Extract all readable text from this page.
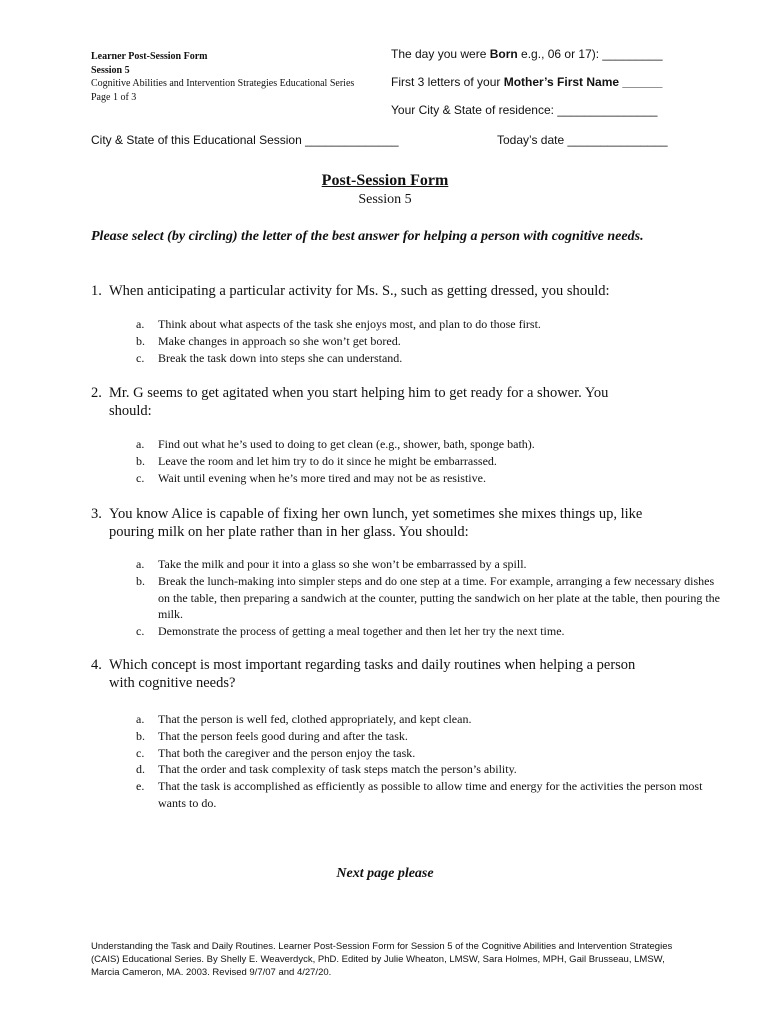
Learner Post-Session Form
Session 5
Cognitive Abilities and Intervention Strategies Educational Series
Page 1 of 3
The day you were Born e.g., 06 or 17): _________
First 3 letters of your Mother’s First Name ______
Your City & State of residence: _______________
City & State of this Educational Session ______________	Today’s date _______________
Post-Session Form
Session 5
Please select (by circling) the letter of the best answer for helping a person with cognitive needs.
1. When anticipating a particular activity for Ms. S., such as getting dressed, you should:
a.	Think about what aspects of the task she enjoys most, and plan to do those first.
b.	Make changes in approach so she won’t get bored.
c.	Break the task down into steps she can understand.
2. Mr. G seems to get agitated when you start helping him to get ready for a shower. You
should:
a.	Find out what he’s used to doing to get clean (e.g., shower, bath, sponge bath).
b.	Leave the room and let him try to do it since he might be embarrassed.
c.	Wait until evening when he’s more tired and may not be as resistive.
3. You know Alice is capable of fixing her own lunch, yet sometimes she mixes things up, like
pouring milk on her plate rather than in her glass. You should:
a.	Take the milk and pour it into a glass so she won’t be embarrassed by a spill.
b.	Break the lunch-making into simpler steps and do one step at a time. For example, arranging a few necessary dishes on the table, then preparing a sandwich at the counter, putting the sandwich on her plate at the table, then pouring the milk.
c.	Demonstrate the process of getting a meal together and then let her try the next time.
4. Which concept is most important regarding tasks and daily routines when helping a person
with cognitive needs?
a.	That the person is well fed, clothed appropriately, and kept clean.
b.	That the person feels good during and after the task.
c.	That both the caregiver and the person enjoy the task.
d.	That the order and task complexity of task steps match the person’s ability.
e.	That the task is accomplished as efficiently as possible to allow time and energy for the activities the person most wants to do.
Next page please
Understanding the Task and Daily Routines. Learner Post-Session Form for Session 5 of the Cognitive Abilities and Intervention Strategies (CAIS) Educational Series. By Shelly E. Weaverdyck, PhD. Edited by Julie Wheaton, LMSW, Sara Holmes, MPH, Gail Brusseau, LMSW, Marcia Cameron, MA. 2003. Revised 9/7/07 and 4/27/20.
